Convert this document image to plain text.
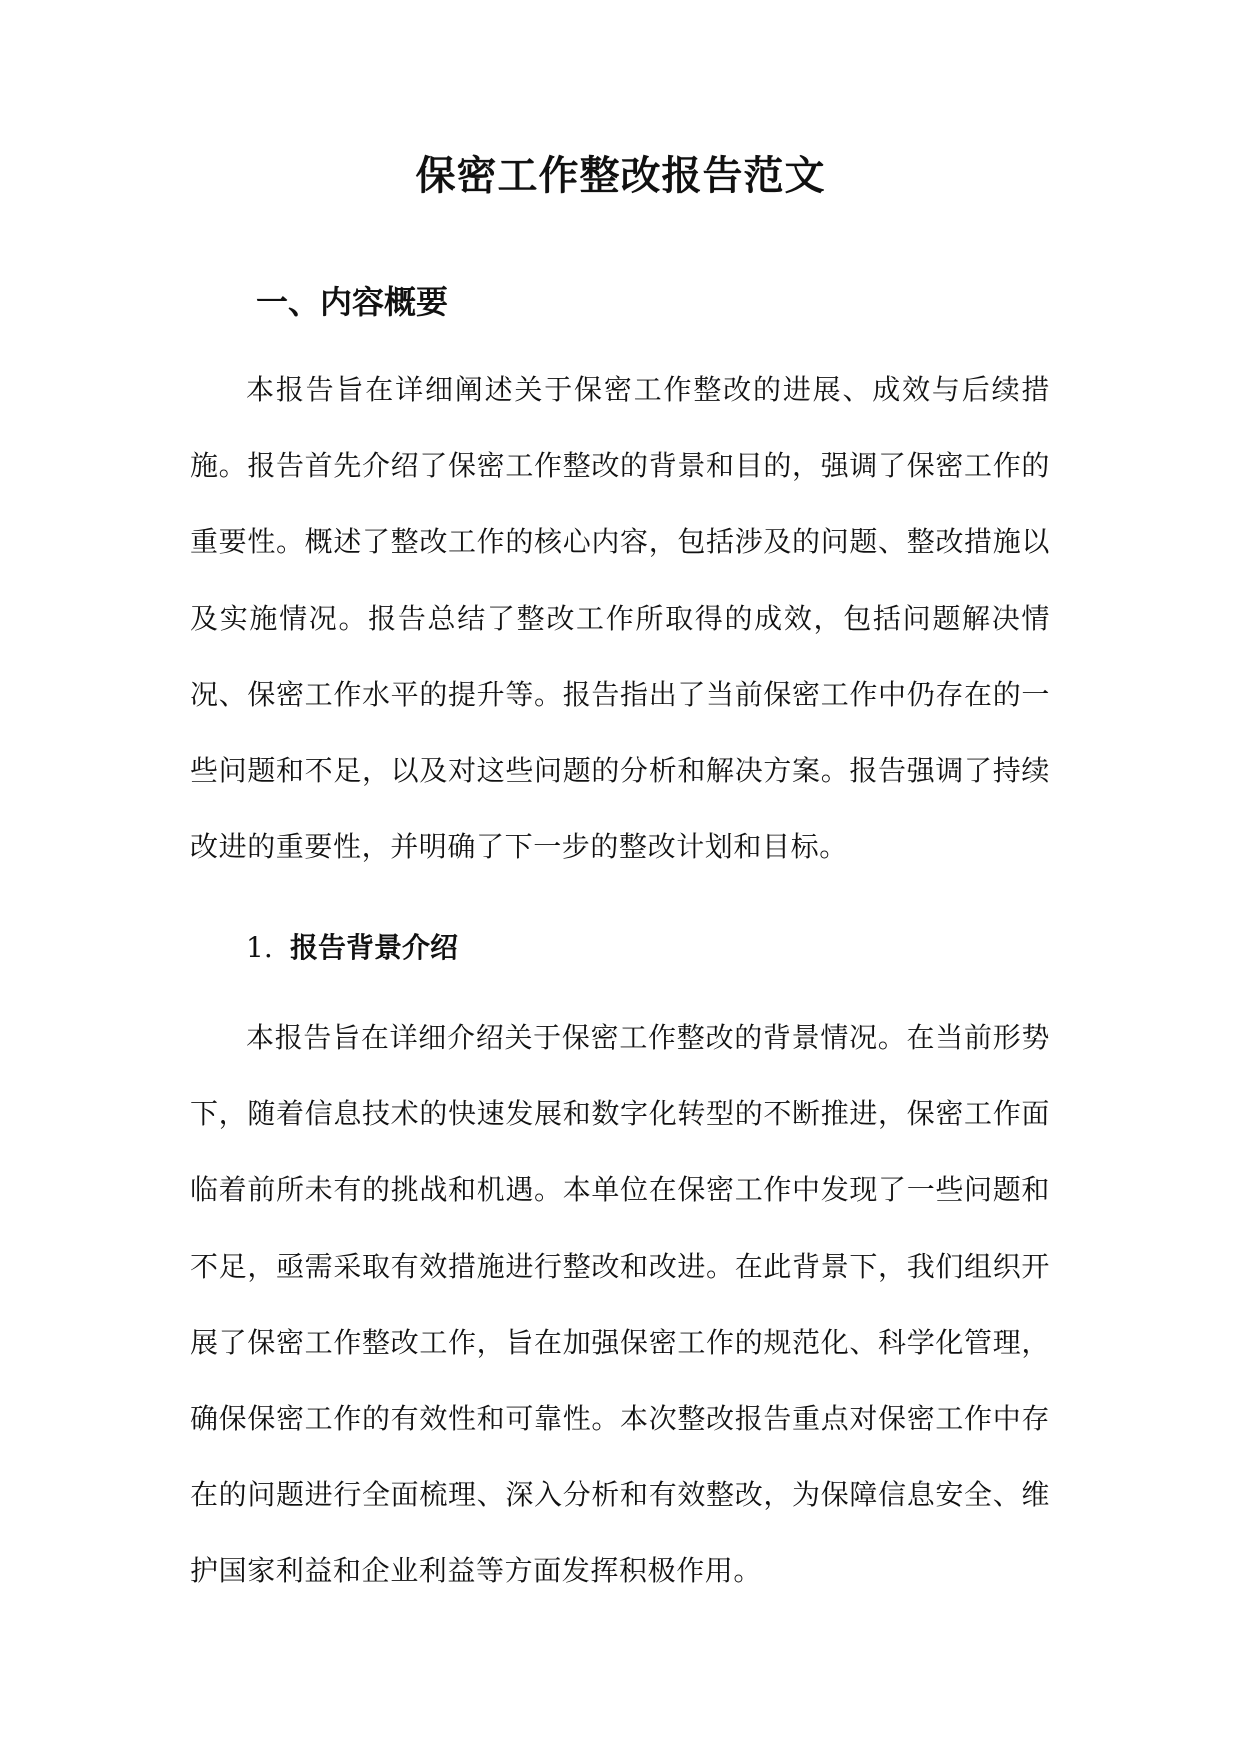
保密工作整改报告范文
一、内容概要

本报告旨在详细阐述关于保密工作整改的进展、成效与后续措施。报告首先介绍了保密工作整改的背景和目的，强调了保密工作的重要性。概述了整改工作的核心内容，包括涉及的问题、整改措施以及实施情况。报告总结了整改工作所取得的成效，包括问题解决情况、保密工作水平的提升等。报告指出了当前保密工作中仍存在的一些问题和不足，以及对这些问题的分析和解决方案。报告强调了持续改进的重要性，并明确了下一步的整改计划和目标。

1. 报告背景介绍

本报告旨在详细介绍关于保密工作整改的背景情况。在当前形势下，随着信息技术的快速发展和数字化转型的不断推进，保密工作面临着前所未有的挑战和机遇。本单位在保密工作中发现了一些问题和不足，亟需采取有效措施进行整改和改进。在此背景下，我们组织开展了保密工作整改工作，旨在加强保密工作的规范化、科学化管理，确保保密工作的有效性和可靠性。本次整改报告重点对保密工作中存在的问题进行全面梳理、深入分析和有效整改，为保障信息安全、维护国家利益和企业利益等方面发挥积极作用。
